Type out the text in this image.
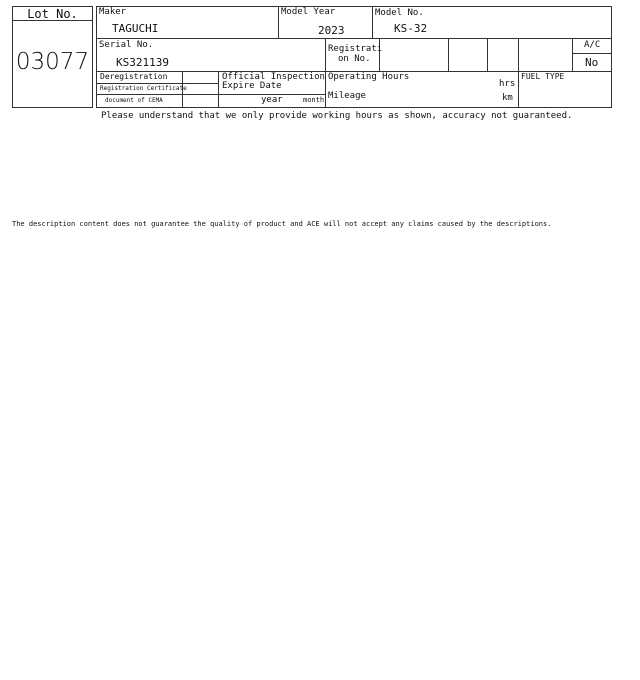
Lot No.
03077
Maker
TAGUCHI
Model Year
2023
Model No.
KS-32
Serial No.
KS321139
Registrati
on No.
A/C
No
Deregistration
Registration Certificate
document of CEMA
Official Inspection
Expire Date
year	month
Operating Hours
hrs
Mileage	km
FUEL TYPE
Please understand that we only provide working hours as shown, accuracy not guaranteed.
The description content does not guarantee the quality of product and ACE will not accept any claims caused by the descriptions.
